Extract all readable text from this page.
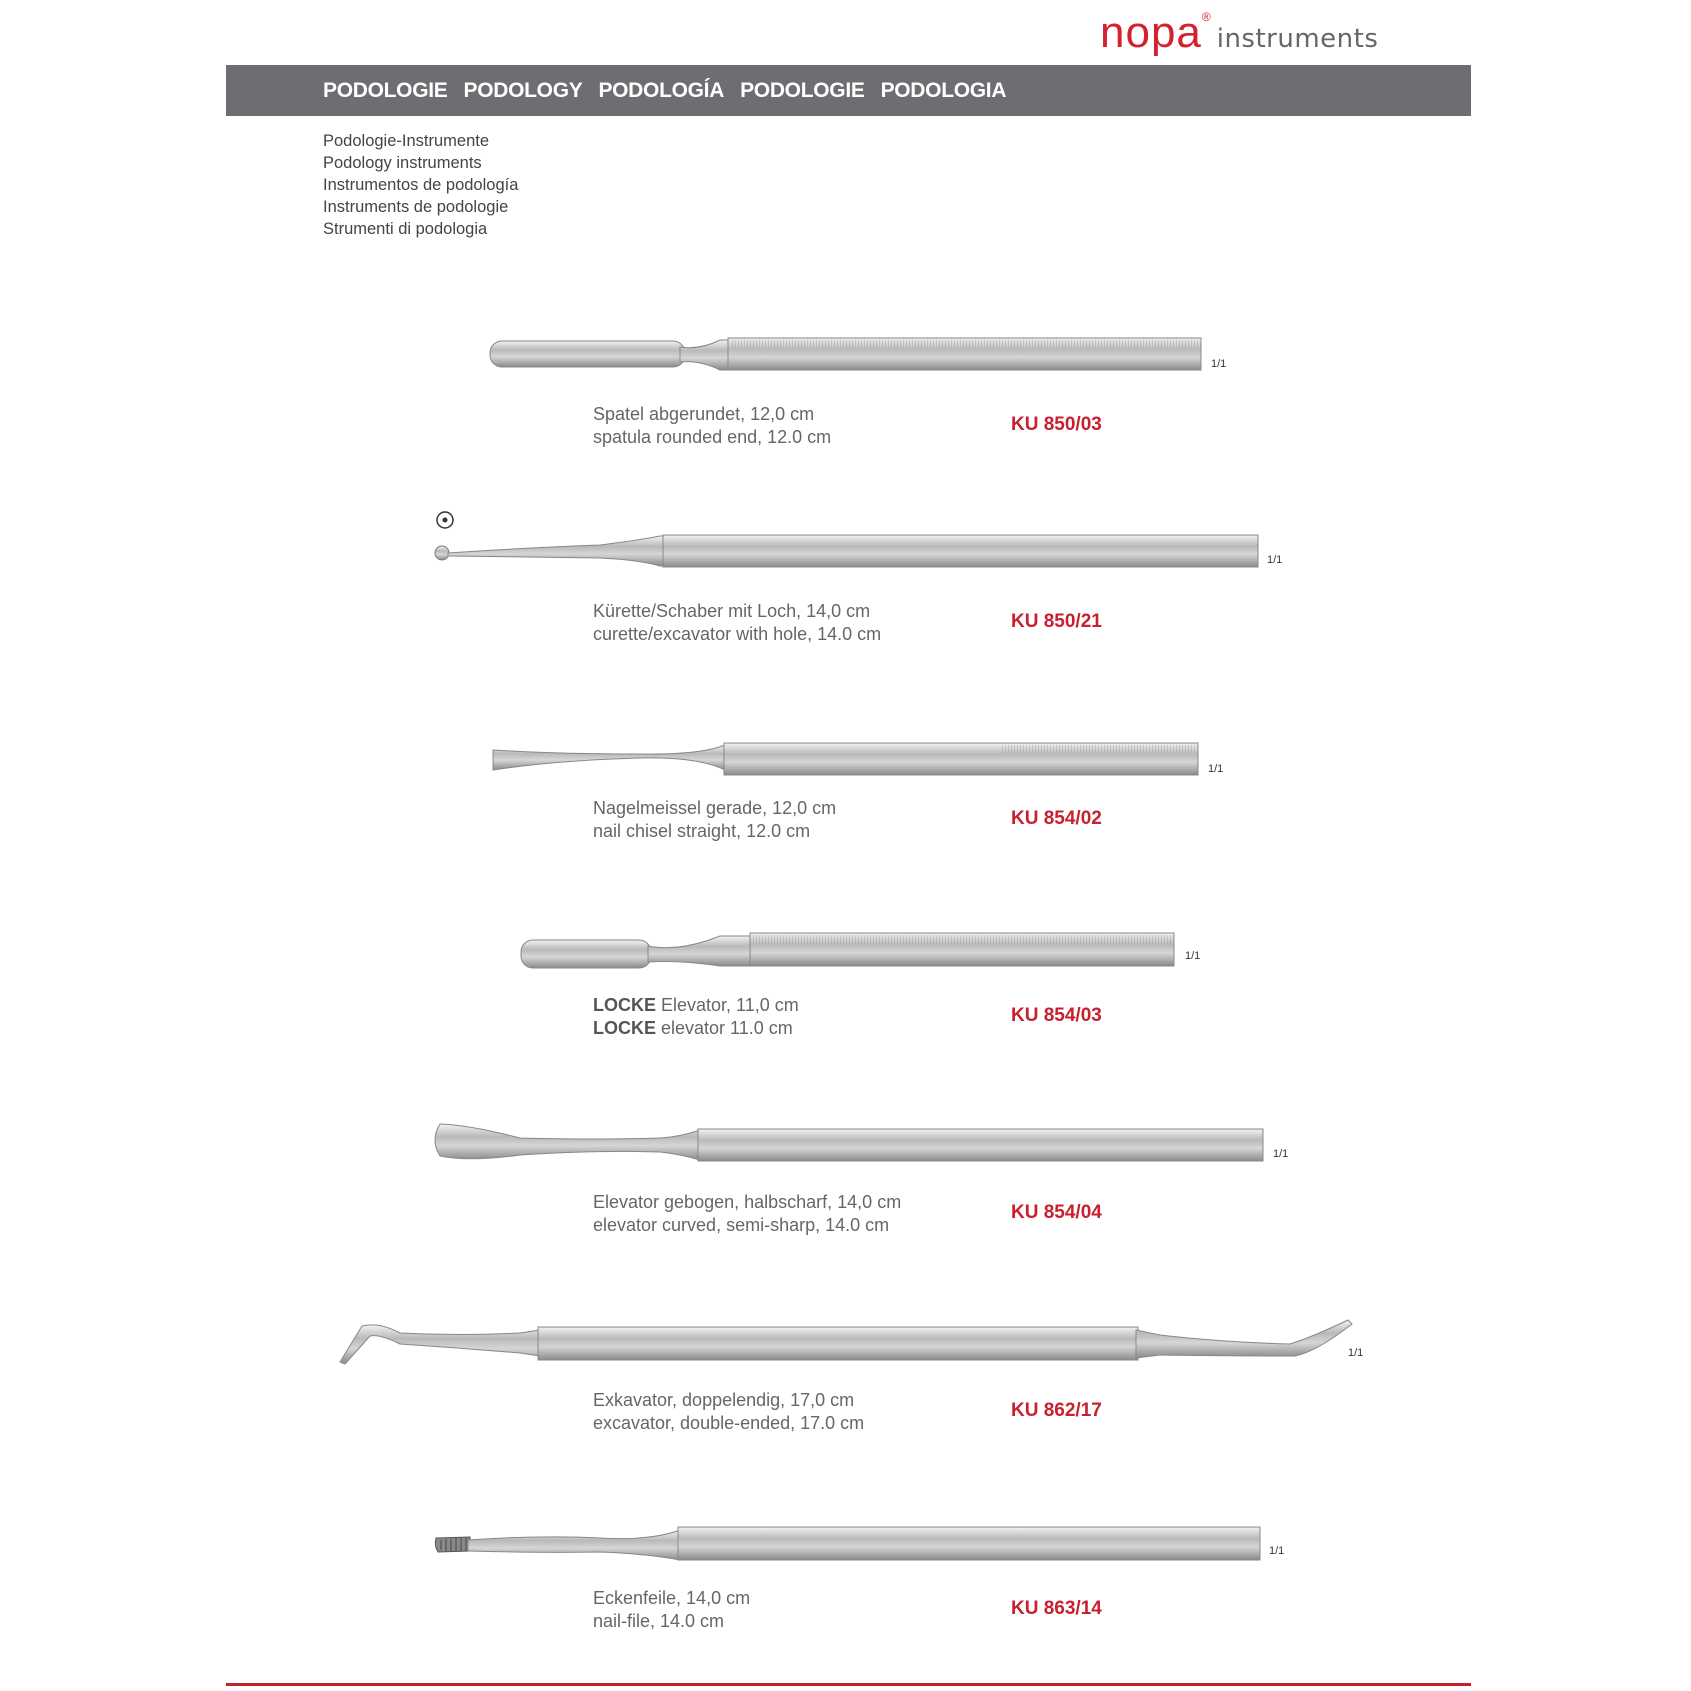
nopa®instruments
PODOLOGIE PODOLOGY PODOLOGÍA PODOLOGIE PODOLOGIA
Podologie-Instrumente
Podology instruments
Instrumentos de podología
Instruments de podologie
Strumenti di podologia
1/1
Spatel abgerundet, 12,0 cm
spatula rounded end, 12.0 cm
KU 850/03
1/1
Kürette/Schaber mit Loch, 14,0 cm
curette/excavator with hole, 14.0 cm
KU 850/21
1/1
Nagelmeissel gerade, 12,0 cm
nail chisel straight, 12.0 cm
KU 854/02
1/1
LOCKE Elevator, 11,0 cm
LOCKE elevator 11.0 cm
KU 854/03
1/1
Elevator gebogen, halbscharf, 14,0 cm
elevator curved, semi-sharp, 14.0 cm
KU 854/04
1/1
Exkavator, doppelendig, 17,0 cm
excavator, double-ended, 17.0 cm
KU 862/17
1/1
Eckenfeile, 14,0 cm
nail-file, 14.0 cm
KU 863/14
